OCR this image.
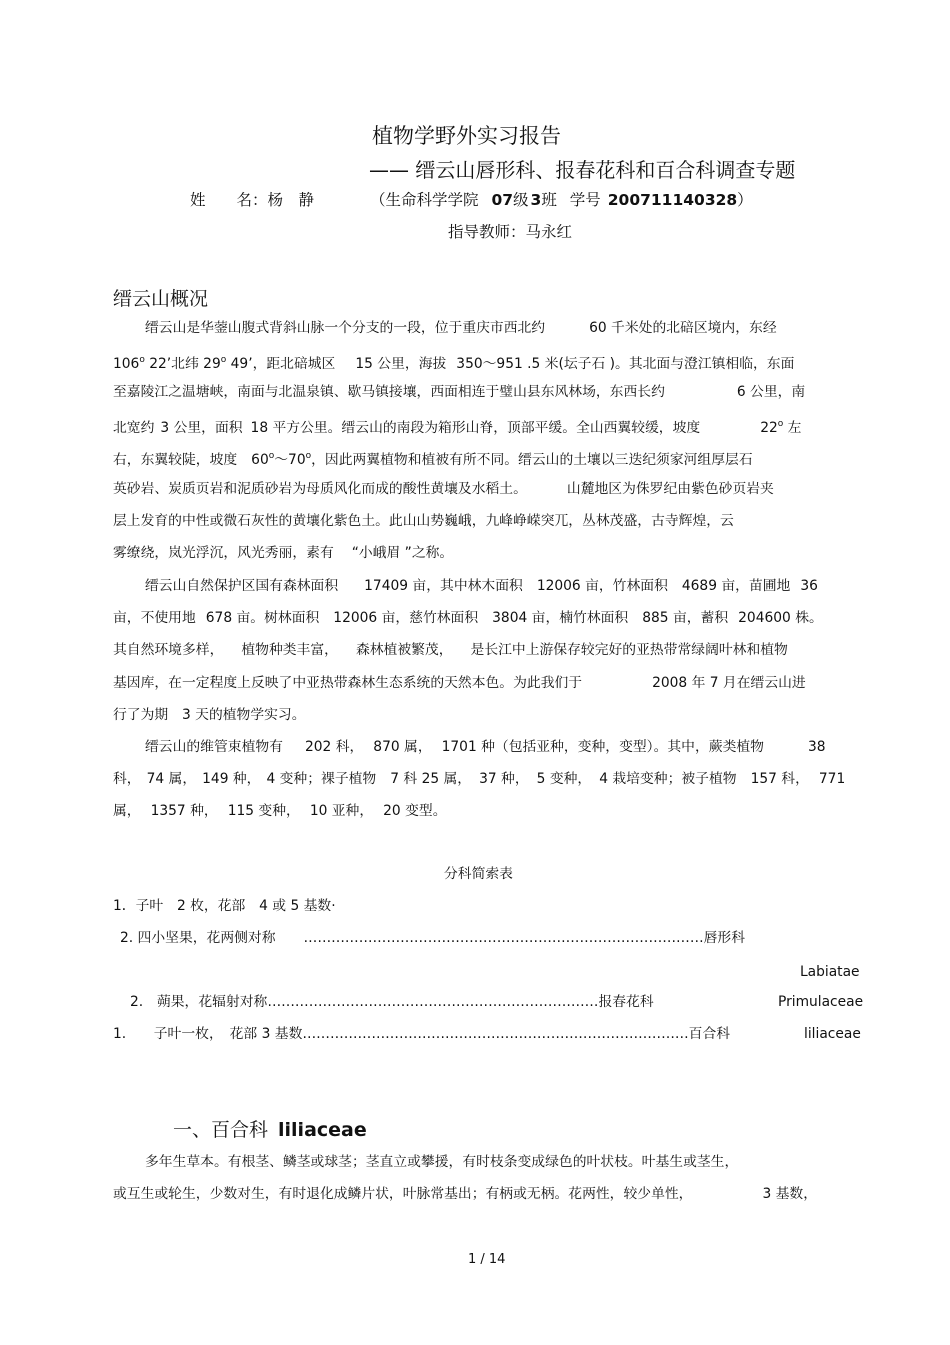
植物学野外实习报告
—— 缙云山唇形科、报春花科和百合科调查专题
姓　　名：杨　静	（生命科学学院 07级 3班 学号 200711140328）
指导教师：马永红
缙云山概况
缙云山是华蓥山腹式背斜山脉一个分支的一段，位于重庆市西北约	60 千米处的北碚区境内，东经
106$^o$ 22’北纬 29$^o$ 49’，距北碚城区 15 公里，海拔 350～951 .5 米(坛子石 )。其北面与澄江镇相临，东面
至嘉陵江之温塘峡，南面与北温泉镇、歇马镇接壤，西面相连于璧山县东风林场，东西长约	6 公里，南
北宽约 3 公里，面积 18 平方公里。缙云山的南段为箱形山脊，顶部平缓。全山西翼较缓，坡度	22$^o$ 左
右，东翼较陡，坡度 60$^o$～70$^o$，因此两翼植物和植被有所不同。缙云山的土壤以三迭纪须家河组厚层石
英砂岩、炭质页岩和泥质砂岩为母质风化而成的酸性黄壤及水稻土。	山麓地区为侏罗纪由紫色砂页岩夹
层上发育的中性或微石灰性的黄壤化紫色土。此山山势巍峨，九峰峥嵘突兀，丛林茂盛，古寺辉煌，云
雾缭绕，岚光浮沉，风光秀丽，素有 “小峨眉 ”之称。
缙云山自然保护区国有森林面积 17409 亩，其中林木面积 12006 亩，竹林面积 4689 亩，苗圃地 36
亩，不使用地 678 亩。树林面积 12006 亩，慈竹林面积 3804 亩，楠竹林面积 885 亩，蓄积 204600 株。
其自然环境多样， 植物种类丰富， 森林植被繁茂， 是长江中上游保存较完好的亚热带常绿阔叶林和植物
基因库，在一定程度上反映了中亚热带森林生态系统的天然本色。为此我们于	2008 年 7 月在缙云山进
行了为期　3 天的植物学实习。
缙云山的维管束植物有 202 科， 870 属， 1701 种（包括亚种，变种，变型）。其中，蕨类植物	38
科， 74 属， 149 种， 4 变种；裸子植物 7 科 25 属， 37 种， 5 变种， 4 栽培变种；被子植物 157 科， 771
属， 1357 种， 115 变种， 10 亚种， 20 变型。
分科简索表
1．子叶　2 枚，花部　4 或 5 基数·
2. 四小坚果，花两侧对称 ……………………………………………………………………………唇形科
Labiatae
2.　蒴果，花辐射对称………………………………………………………………报春花科	Primulaceae
1.　　子叶一枚，　花部 3 基数…………………………………………………………………………百合科	liliaceae
一、百合科 liliaceae
多年生草本。有根茎、鳞茎或球茎；茎直立或攀援，有时枝条变成绿色的叶状枝。叶基生或茎生，
或互生或轮生，少数对生，有时退化成鳞片状，叶脉常基出；有柄或无柄。花两性，较少单性，	3 基数，
1 / 14
